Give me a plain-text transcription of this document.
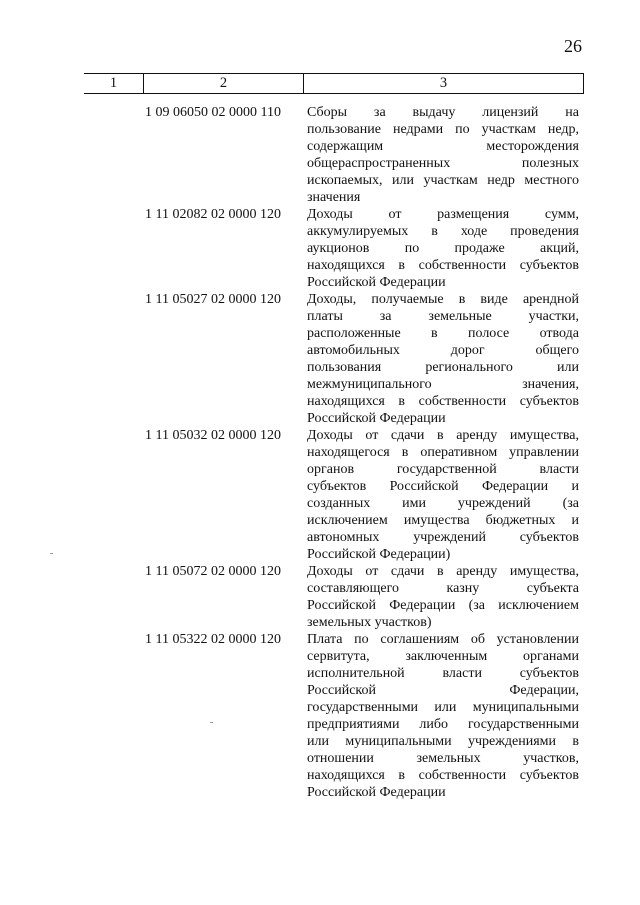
26
1	2	3
1 09 06050 02 0000 110	Сборы за выдачу лицензий на
пользование недрами по участкам недр,
содержащим месторождения
общераспространенных полезных
ископаемых, или участкам недр местного
значения
1 11 02082 02 0000 120	Доходы от размещения сумм,
аккумулируемых в ходе проведения
аукционов по продаже акций,
находящихся в собственности субъектов
Российской Федерации
1 11 05027 02 0000 120	Доходы, получаемые в виде арендной
платы за земельные участки,
расположенные в полосе отвода
автомобильных дорог общего
пользования регионального или
межмуниципального значения,
находящихся в собственности субъектов
Российской Федерации
1 11 05032 02 0000 120	Доходы от сдачи в аренду имущества,
находящегося в оперативном управлении
органов государственной власти
субъектов Российской Федерации и
созданных ими учреждений (за
исключением имущества бюджетных и
автономных учреждений субъектов
Российской Федерации)
1 11 05072 02 0000 120	Доходы от сдачи в аренду имущества,
составляющего казну субъекта
Российской Федерации (за исключением
земельных участков)
1 11 05322 02 0000 120	Плата по соглашениям об установлении
сервитута, заключенным органами
исполнительной власти субъектов
Российской Федерации,
государственными или муниципальными
предприятиями либо государственными
или муниципальными учреждениями в
отношении земельных участков,
находящихся в собственности субъектов
Российской Федерации
